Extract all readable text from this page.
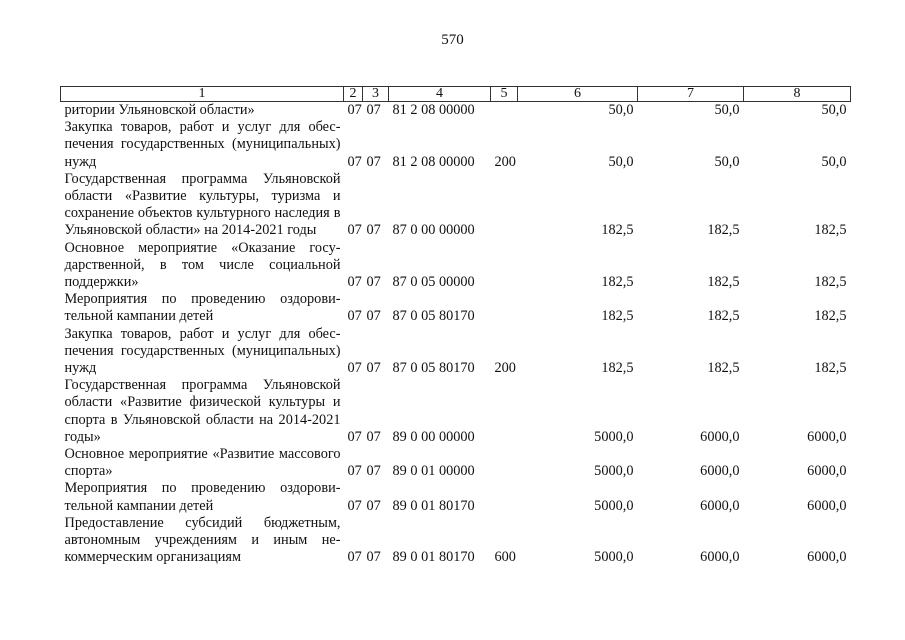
570
1	2	3	4	5	6	7	8
ритории Ульяновской области»	07	07	81 2 08 00000		50,0	50,0	50,0
Закупка товаров, работ и услуг для обеспечения государственных (муниципальных) нужд	07	07	81 2 08 00000	200	50,0	50,0	50,0
Государственная программа Ульяновской области «Развитие культуры, туризма и сохранение объектов культурного наследия в Ульяновской области» на 2014-2021 годы	07	07	87 0 00 00000		182,5	182,5	182,5
Основное мероприятие «Оказание государственной, в том числе социальной поддержки»	07	07	87 0 05 00000		182,5	182,5	182,5
Мероприятия по проведению оздоровительной кампании детей	07	07	87 0 05 80170		182,5	182,5	182,5
Закупка товаров, работ и услуг для обеспечения государственных (муниципальных) нужд	07	07	87 0 05 80170	200	182,5	182,5	182,5
Государственная программа Ульяновской области «Развитие физической культуры и спорта в Ульяновской области на 2014-2021 годы»	07	07	89 0 00 00000		5000,0	6000,0	6000,0
Основное мероприятие «Развитие массового спорта»	07	07	89 0 01 00000		5000,0	6000,0	6000,0
Мероприятия по проведению оздоровительной кампании детей	07	07	89 0 01 80170		5000,0	6000,0	6000,0
Предоставление субсидий бюджетным, автономным учреждениям и иным некоммерческим организациям	07	07	89 0 01 80170	600	5000,0	6000,0	6000,0
